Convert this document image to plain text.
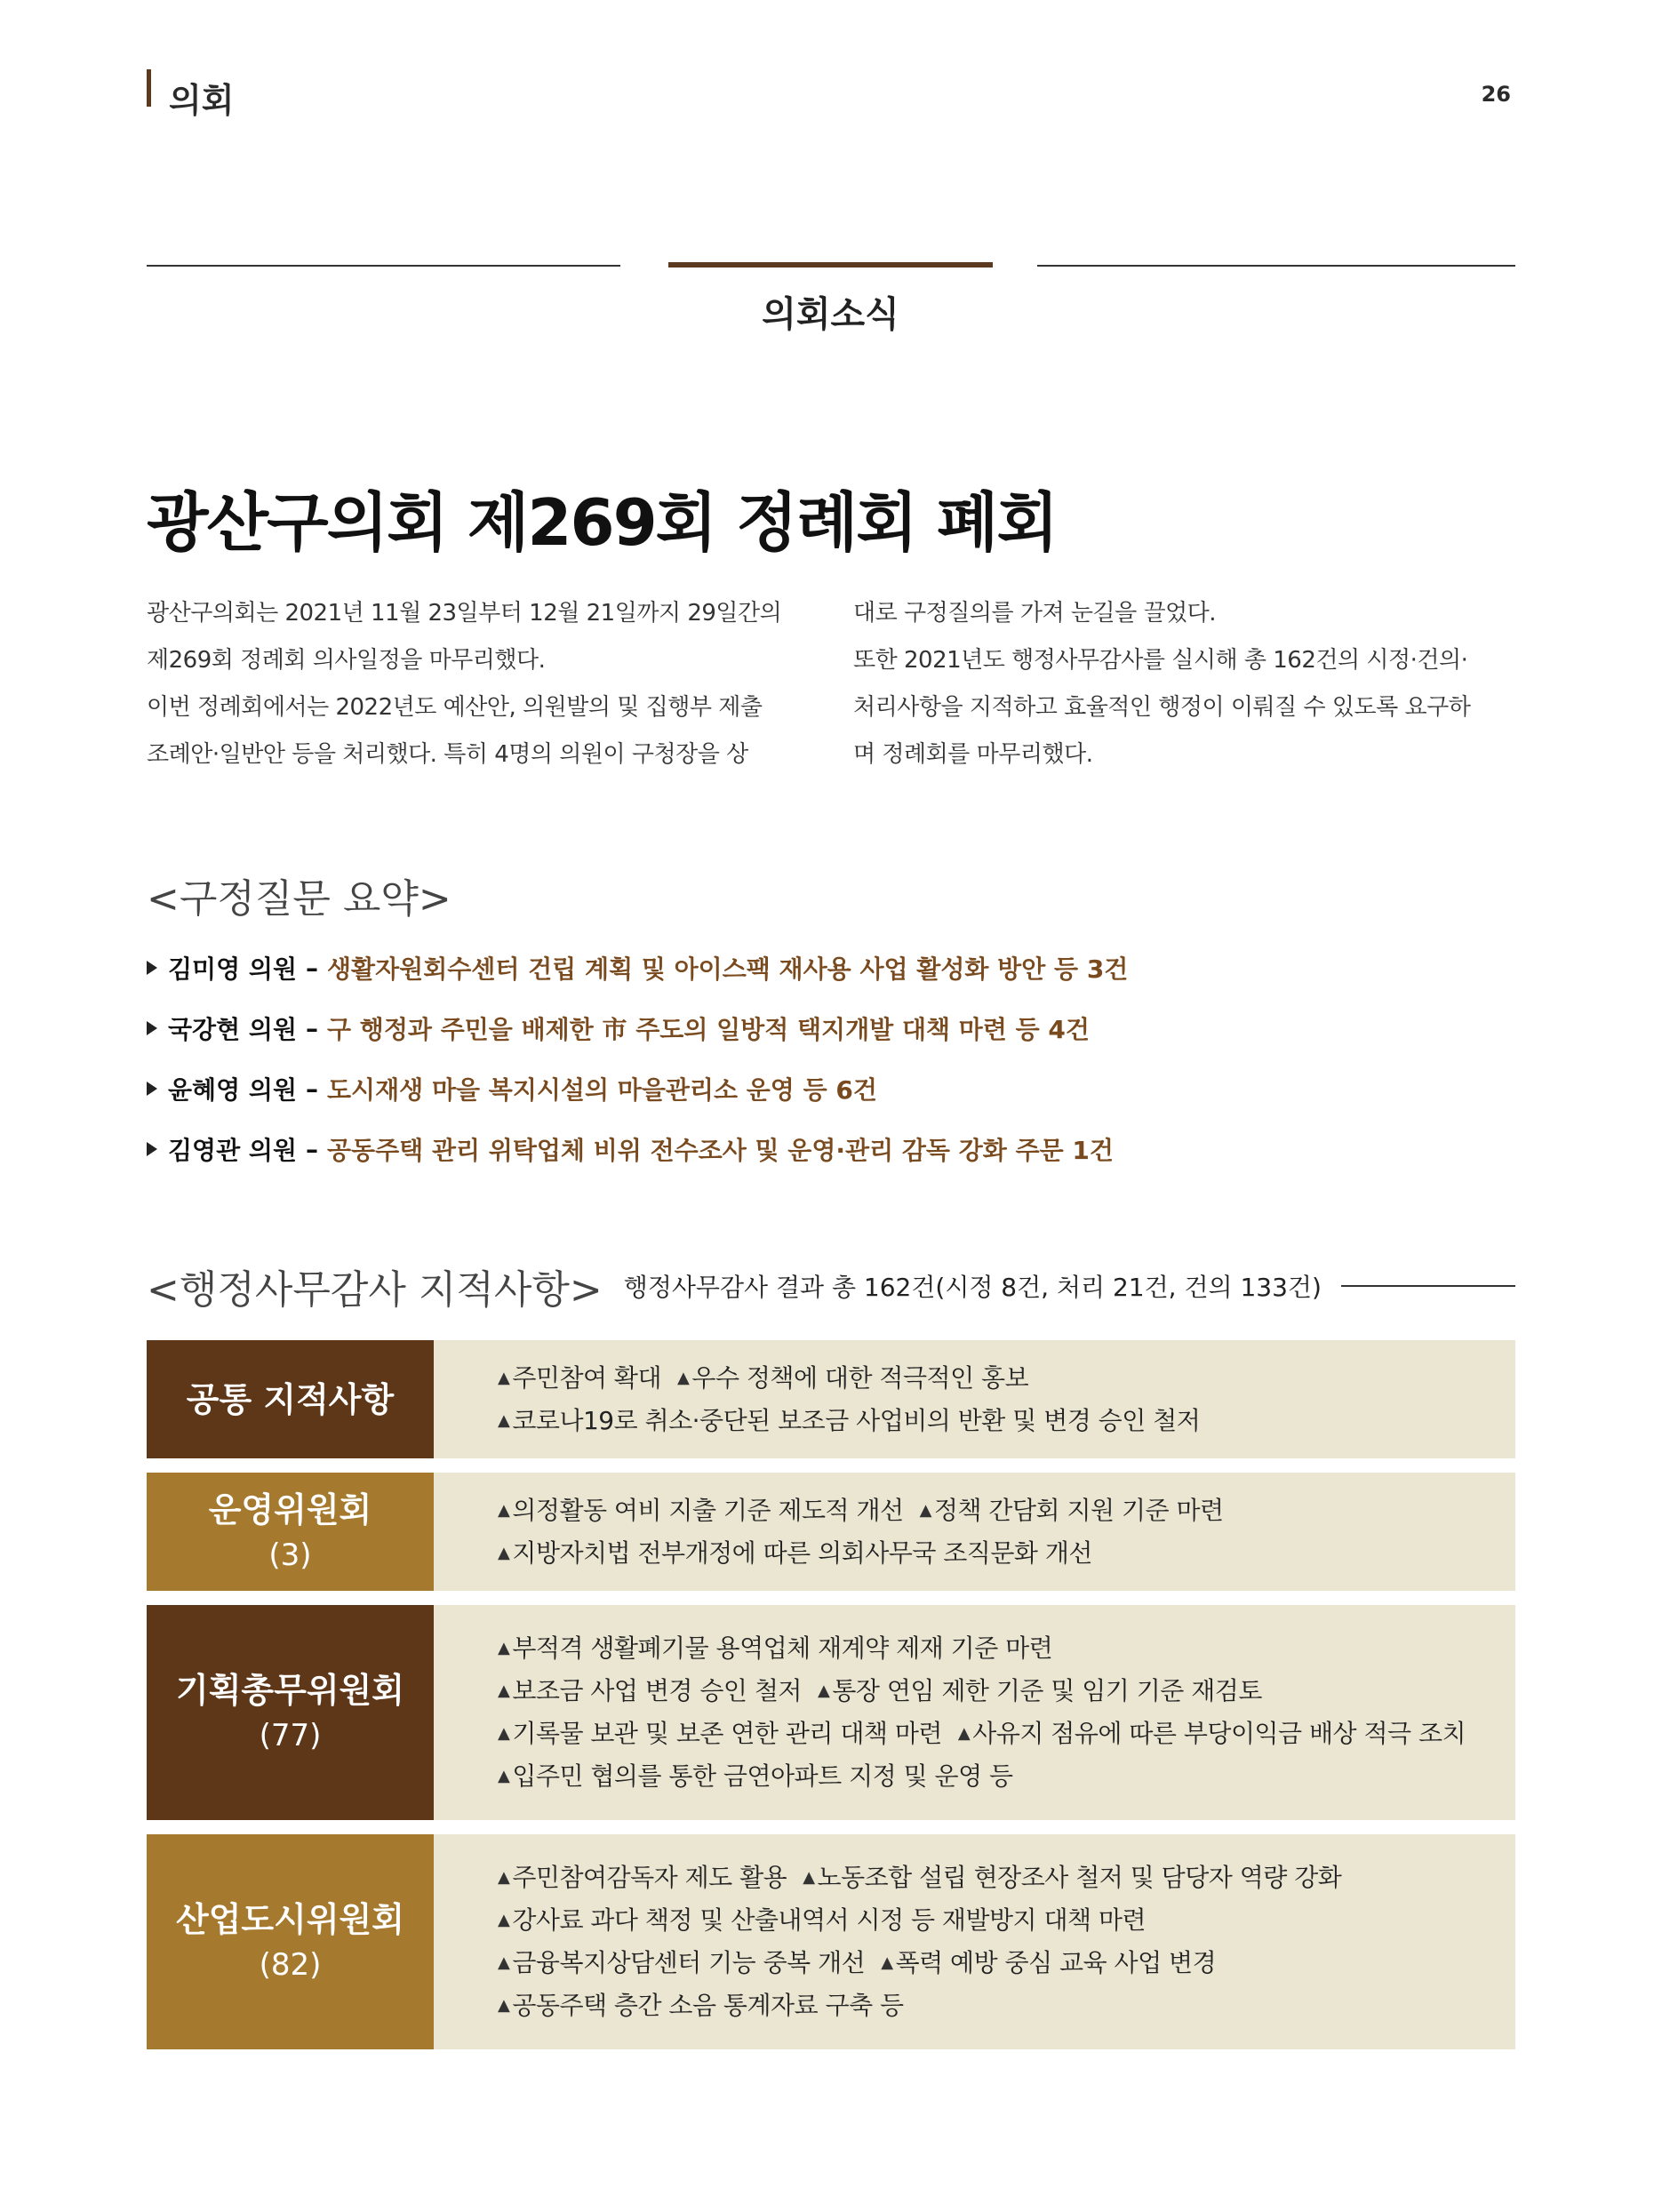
의회	26
의회소식
광산구의회 제269회 정례회 폐회

광산구의회는 2021년 11월 23일부터 12월 21일까지 29일간의

제269회 정례회 의사일정을 마무리했다.

이번 정례회에서는 2022년도 예산안, 의원발의 및 집행부 제출

조례안·일반안 등을 처리했다. 특히 4명의 의원이 구청장을 상

대로 구정질의를 가져 눈길을 끌었다.

또한 2021년도 행정사무감사를 실시해 총 162건의 시정·건의·

처리사항을 지적하고 효율적인 행정이 이뤄질 수 있도록 요구하

며 정례회를 마무리했다.

<구정질문 요약>
김미영 의원 – 생활자원회수센터 건립 계획 및 아이스팩 재사용 사업 활성화 방안 등 3건
국강현 의원 – 구 행정과 주민을 배제한 市 주도의 일방적 택지개발 대책 마련 등 4건
윤혜영 의원 – 도시재생 마을 복지시설의 마을관리소 운영 등 6건
김영관 의원 – 공동주택 관리 위탁업체 비위 전수조사 및 운영·관리 감독 강화 주문 1건
<행정사무감사 지적사항> 행정사무감사 결과 총 162건(시정 8건, 처리 21건, 건의 133건)
공통 지적사항
▲ 주민참여 확대 ▲ 우수 정책에 대한 적극적인 홍보
▲ 코로나19로 취소·중단된 보조금 사업비의 반환 및 변경 승인 철저
운영위원회
(3)
▲ 의정활동 여비 지출 기준 제도적 개선 ▲ 정책 간담회 지원 기준 마련
▲ 지방자치법 전부개정에 따른 의회사무국 조직문화 개선
기획총무위원회
(77)
▲ 부적격 생활폐기물 용역업체 재계약 제재 기준 마련
▲ 보조금 사업 변경 승인 철저 ▲ 통장 연임 제한 기준 및 임기 기준 재검토
▲ 기록물 보관 및 보존 연한 관리 대책 마련 ▲ 사유지 점유에 따른 부당이익금 배상 적극 조치
▲ 입주민 협의를 통한 금연아파트 지정 및 운영 등
산업도시위원회
(82)
▲ 주민참여감독자 제도 활용 ▲ 노동조합 설립 현장조사 철저 및 담당자 역량 강화
▲ 강사료 과다 책정 및 산출내역서 시정 등 재발방지 대책 마련
▲ 금융복지상담센터 기능 중복 개선 ▲ 폭력 예방 중심 교육 사업 변경
▲ 공동주택 층간 소음 통계자료 구축 등
